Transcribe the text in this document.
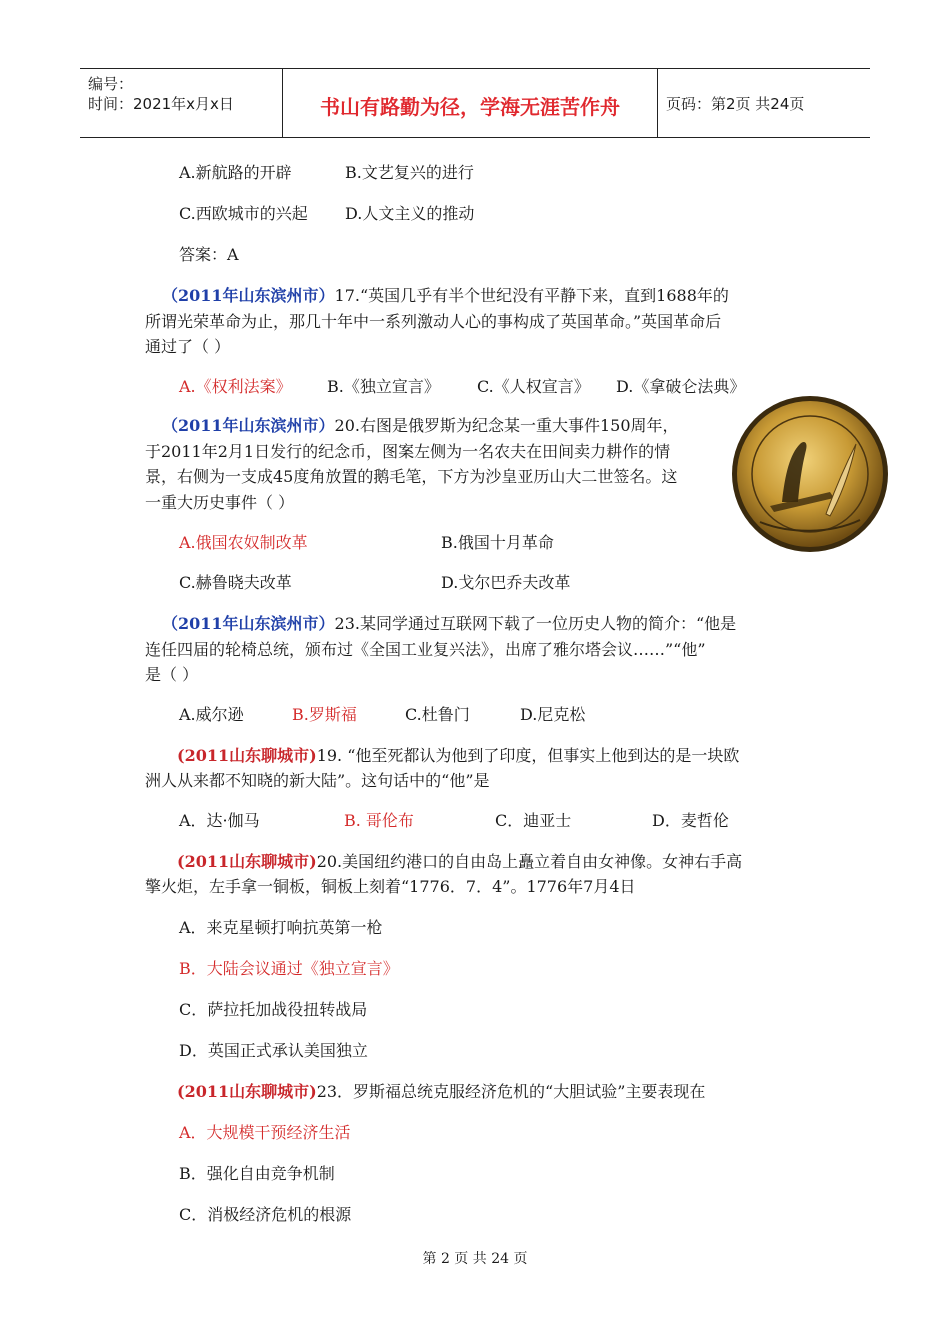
编号：
时间：2021年x月x日	书山有路勤为径，学海无涯苦作舟	页码：第2页 共24页
A.新航路的开辟	B.文艺复兴的进行
C.西欧城市的兴起 D.人文主义的推动
答案：A
（2011年山东滨州市）17.“英国几乎有半个世纪没有平静下来，直到1688年的
所谓光荣革命为止，那几十年中一系列激动人心的事构成了英国革命。”英国革命后
通过了（ ）
A.《权利法案》 B.《独立宣言》 C.《人权宣言》 D.《拿破仑法典》
（2011年山东滨州市）20.右图是俄罗斯为纪念某一重大事件150周年，
于2011年2月1日发行的纪念币，图案左侧为一名农夫在田间卖力耕作的情
景，右侧为一支成45度角放置的鹅毛笔，下方为沙皇亚历山大二世签名。这
一重大历史事件（ ）
A.俄国农奴制改革	B.俄国十月革命
C.赫鲁晓夫改革	D.戈尔巴乔夫改革
（2011年山东滨州市）23.某同学通过互联网下载了一位历史人物的简介：“他是
连任四届的轮椅总统，颁布过《全国工业复兴法》，出席了雅尔塔会议……”“他”
是（ ）
A.威尔逊	B.罗斯福	C.杜鲁门	D.尼克松
(2011山东聊城市)19. “他至死都认为他到了印度，但事实上他到达的是一块欧
洲人从来都不知晓的新大陆”。这句话中的“他”是
A．达·伽马	B. 哥伦布	C．迪亚士	D．麦哲伦
(2011山东聊城市)20.美国纽约港口的自由岛上矗立着自由女神像。女神右手高
擎火炬，左手拿一铜板，铜板上刻着“1776．7．4”。1776年7月4日
A．来克星顿打响抗英第一枪
B．大陆会议通过《独立宣言》
C．萨拉托加战役扭转战局
D．英国正式承认美国独立
(2011山东聊城市)23．罗斯福总统克服经济危机的“大胆试验”主要表现在
A．大规模干预经济生活
B．强化自由竞争机制
C．消极经济危机的根源
第 2 页 共 24 页
